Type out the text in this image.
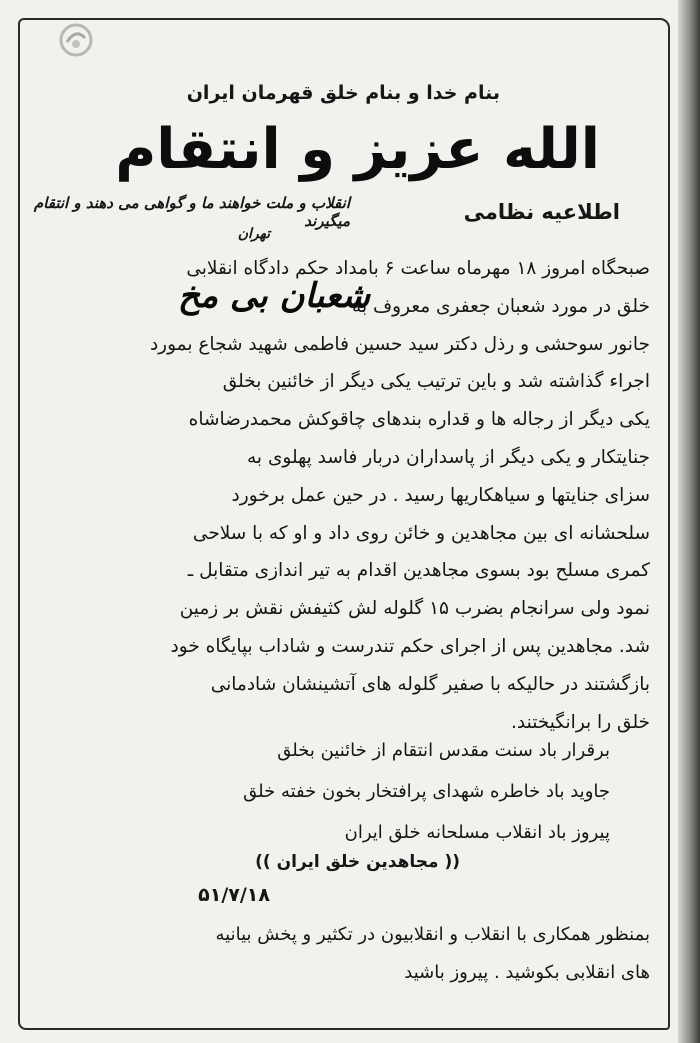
بنام خدا و بنام خلق قهرمان ایران
الله عزیز و انتقام
انقلاب و ملت خواهند ما و گواهی می دهند و انتقام میگیرند	اطلاعیه نظامی
تهران
صبحگاه امروز ۱۸ مهرماه ساعت ۶ بامداد حکم دادگاه انقلابی
خلق در مورد شعبان جعفری معروف به
جانور سوحشی و رذل دکتر سید حسین فاطمی شهید شجاع بمورد
اجراء گذاشته شد و باین ترتیب یکی دیگر از خائنین بخلق
یکی دیگر از رجاله ها و قداره بندهای چاقوکش محمدرضاشاه
جنایتکار و یکی دیگر از پاسداران دربار فاسد پهلوی به
سزای جنایتها و سیاهکاریها رسید . در حین عمل برخورد
سلحشانه ای بین مجاهدین و خائن روی داد و او که با سلاحی
کمری مسلح بود بسوی مجاهدین اقدام به تیر اندازی متقابل ـ
نمود ولی سرانجام بضرب ۱۵ گلوله لش کثیفش نقش بر زمین
شد. مجاهدین پس از اجرای حکم تندرست و شاداب بپایگاه خود
بازگشتند در حالیکه با صفیر گلوله های آتشینشان شادمانی
خلق را برانگیختند.
شعبان بی مخ
برقرار باد سنت مقدس انتقام از خائنین بخلق
جاوید باد خاطره شهدای پرافتخار بخون خفته خلق
پیروز باد انقلاب مسلحانه خلق ایران
(( مجاهدین خلق ایران ))
۵۱/۷/۱۸
بمنظور همکاری با انقلاب و انقلابیون در تکثیر و پخش بیانیه
های انقلابی بکوشید . پیروز باشید
